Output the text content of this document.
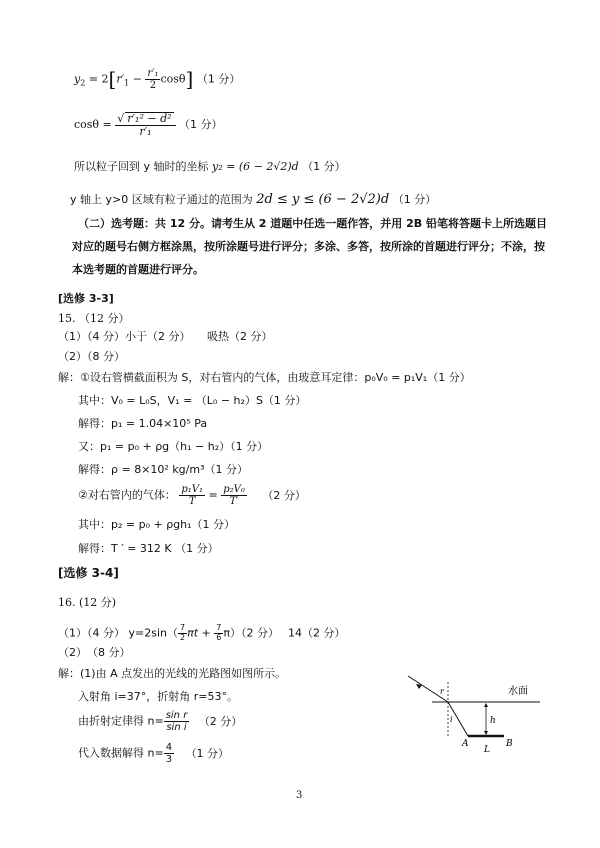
$y_2 = 2[r'_1 - \frac{\text{r′₁}}{2} \cos\theta]$ （1 分）
$\cos\theta = \frac{\text{√ r′₁² − d²}}{\text{r′₁}} (1$ 分）
所以粒子回到 y 轴时的坐标 y₂ = (6 − 2√2)d （1 分）
y 轴上 y>0 区域有粒子通过的范围为 2d ≤ y ≤ (6 − 2√2)d （1 分）
（二）选考题：共 12 分。请考生从 2 道题中任选一题作答，并用 2B 铅笔将答题卡上所选题目对应的题号右侧方框涂黑，按所涂题号进行评分；多涂、多答，按所涂的首题进行评分；不涂，按本选考题的首题进行评分。
[选修 3-3]
15. （12 分）
（1）（4 分）小于（2 分）　　吸热（2 分）
（2）（8 分）
解：①设右管横截面积为 S，对右管内的气体，由玻意耳定律：p₀V₀ = p₁V₁（1 分）
其中：V₀ = L₀S，V₁ = （L₀ − h₂）S（1 分）
解得：p₁ = 1.04×10⁵ Pa
又：p₁ = p₀ + ρg（h₁ − h₂）（1 分）
解得：ρ = 8×10² kg/m³（1 分）
②对右管内的气体： $\frac{\text{p₁V₁}}{T} = \frac{\text{p₂V₀}}{T'} (2$ 分）
其中：p₂ = p₀ + ρgh₁（1 分）
解得：T ′ = 312 K （1 分）
[选修 3-4]
16. (12 分)
（1）（4 分） $y=2\sin( \frac{7}{2}$ $\pi t + \frac{7}{6} \pi)(2$ 分）　 14（2 分）
（2）　（8 分）
解：(1)由 A 点发出的光线的光路图如图所示。
入射角 i=37°，折射角 r=53°。
由折射定律得 $n= \frac{\text{sin r}}{\text{sin i}} (2$ 分）
代入数据解得 $n= \frac{4}{3} (1$ 分）
水面
h
r
i
A	B
L
3
